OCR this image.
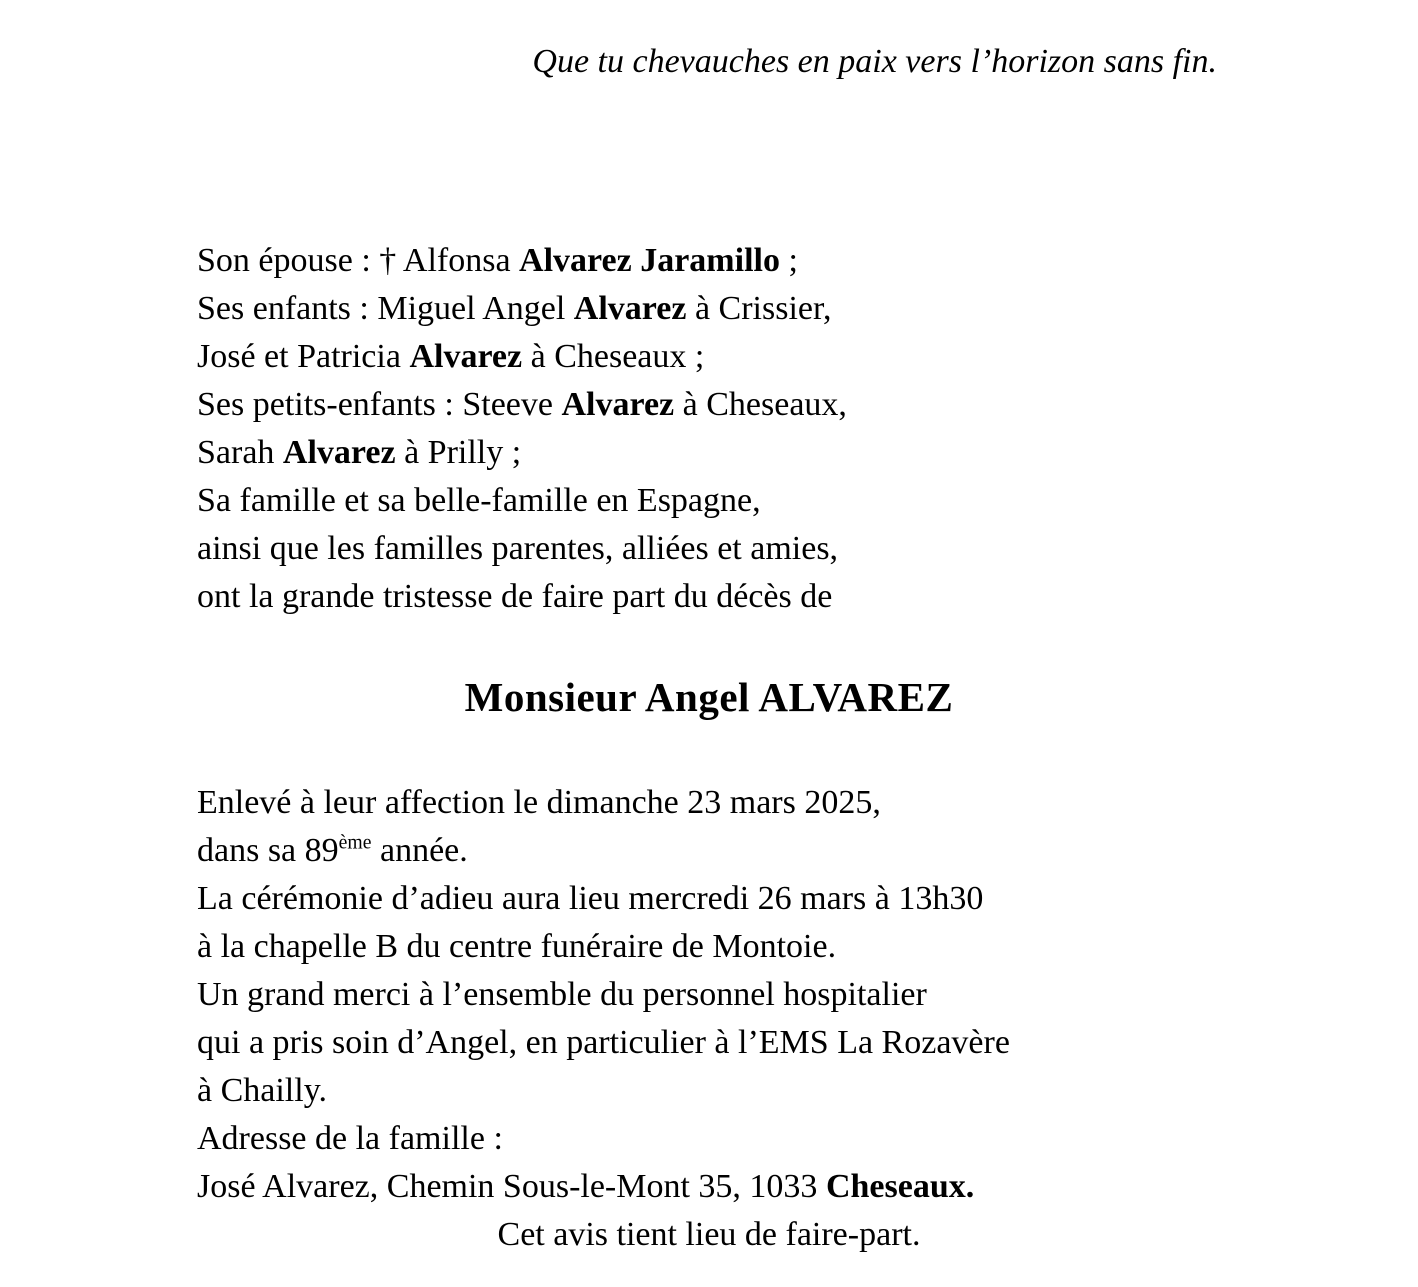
Que tu chevauches en paix vers l’horizon sans fin.

Son épouse : † Alfonsa Alvarez Jaramillo ;

Ses enfants : Miguel Angel Alvarez à Crissier,

José et Patricia Alvarez à Cheseaux ;

Ses petits-enfants : Steeve Alvarez à Cheseaux,

Sarah Alvarez à Prilly ;

Sa famille et sa belle-famille en Espagne,

ainsi que les familles parentes, alliées et amies,

ont la grande tristesse de faire part du décès de

Monsieur Angel ALVAREZ

Enlevé à leur affection le dimanche 23 mars 2025,

dans sa 89ème année.

La cérémonie d’adieu aura lieu mercredi 26 mars à 13h30

à la chapelle B du centre funéraire de Montoie.

Un grand merci à l’ensemble du personnel hospitalier

qui a pris soin d’Angel, en particulier à l’EMS La Rozavère

à Chailly.

Adresse de la famille :

José Alvarez, Chemin Sous-le-Mont 35, 1033 Cheseaux.

Cet avis tient lieu de faire-part.
